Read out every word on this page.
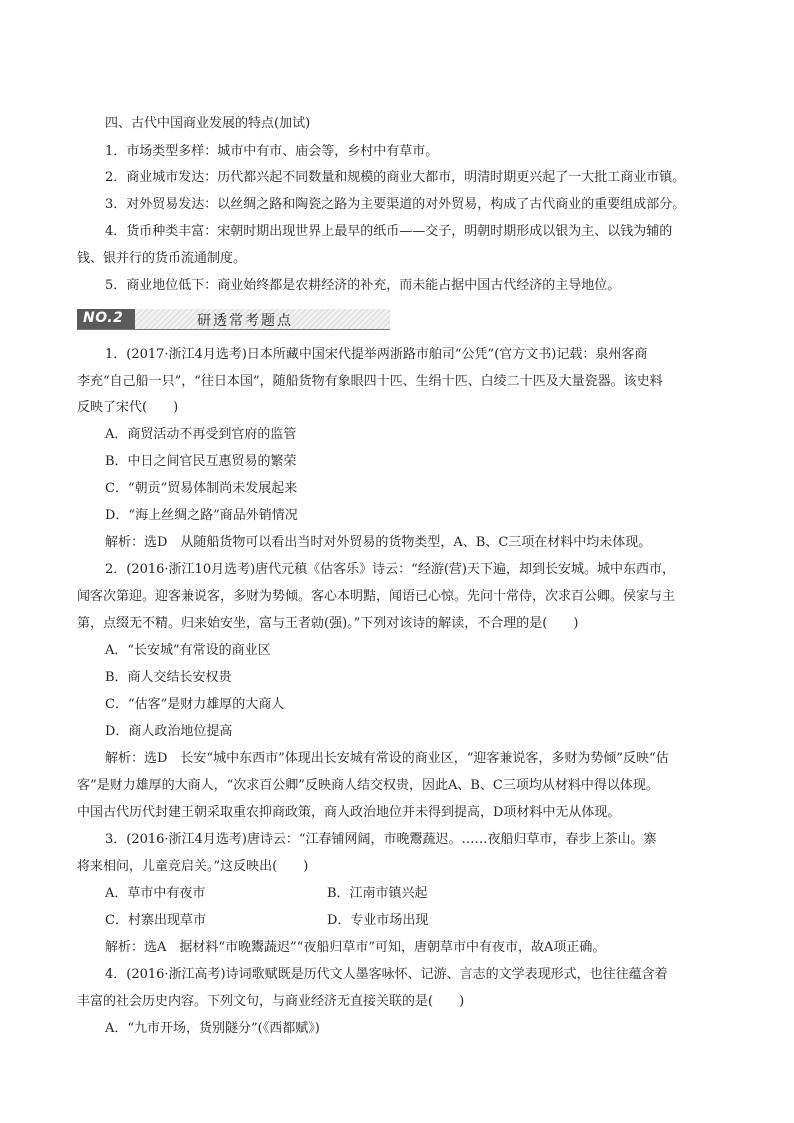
四、古代中国商业发展的特点(加试)
1．市场类型多样：城市中有市、庙会等，乡村中有草市。
2．商业城市发达：历代都兴起不同数量和规模的商业大都市，明清时期更兴起了一大批工商业市镇。
3．对外贸易发达：以丝绸之路和陶瓷之路为主要渠道的对外贸易，构成了古代商业的重要组成部分。
4．货币种类丰富：宋朝时期出现世界上最早的纸币——交子，明朝时期形成以银为主、以钱为辅的
钱、银并行的货币流通制度。
5．商业地位低下：商业始终都是农耕经济的补充，而未能占据中国古代经济的主导地位。
NO.2	研透常考题点
1．(2017·浙江4月选考)日本所藏中国宋代提举两浙路市舶司“公凭”(官方文书)记载：泉州客商
李充“自己船一只”，“往日本国”，随船货物有象眼四十匹、生绢十匹、白绫二十匹及大量瓷器。该史料
反映了宋代(　　)
A．商贸活动不再受到官府的监管
B．中日之间官民互惠贸易的繁荣
C．“朝贡”贸易体制尚未发展起来
D．“海上丝绸之路”商品外销情况
解析：选D　从随船货物可以看出当时对外贸易的货物类型，A、B、C三项在材料中均未体现。
2．(2016·浙江10月选考)唐代元稹《估客乐》诗云：“经游(营)天下遍，却到长安城。城中东西市，
闻客次第迎。迎客兼说客，多财为势倾。客心本明黠，闻语已心惊。先问十常侍，次求百公卿。侯家与主
第，点缀无不精。归来始安坐，富与王者勍(强)。”下列对该诗的解读，不合理的是(　　)
A．“长安城”有常设的商业区
B．商人交结长安权贵
C．“估客”是财力雄厚的大商人
D．商人政治地位提高
解析：选D　长安“城中东西市”体现出长安城有常设的商业区，“迎客兼说客，多财为势倾”反映“估
客”是财力雄厚的大商人，“次求百公卿”反映商人结交权贵，因此A、B、C三项均从材料中得以体现。
中国古代历代封建王朝采取重农抑商政策，商人政治地位并未得到提高，D项材料中无从体现。
3．(2016·浙江4月选考)唐诗云：“江春铺网阔，市晚鬻蔬迟。……夜船归草市，春步上茶山。寨
将来相问，儿童竞启关。”这反映出(　　)
A．草市中有夜市	B．江南市镇兴起
C．村寨出现草市	D．专业市场出现
解析：选A　据材料“市晚鬻蔬迟”“夜船归草市”可知，唐朝草市中有夜市，故A项正确。
4．(2016·浙江高考)诗词歌赋既是历代文人墨客咏怀、记游、言志的文学表现形式，也往往蕴含着
丰富的社会历史内容。下列文句，与商业经济无直接关联的是(　　)
A．“九市开场，货别隧分”(《西都赋》)
